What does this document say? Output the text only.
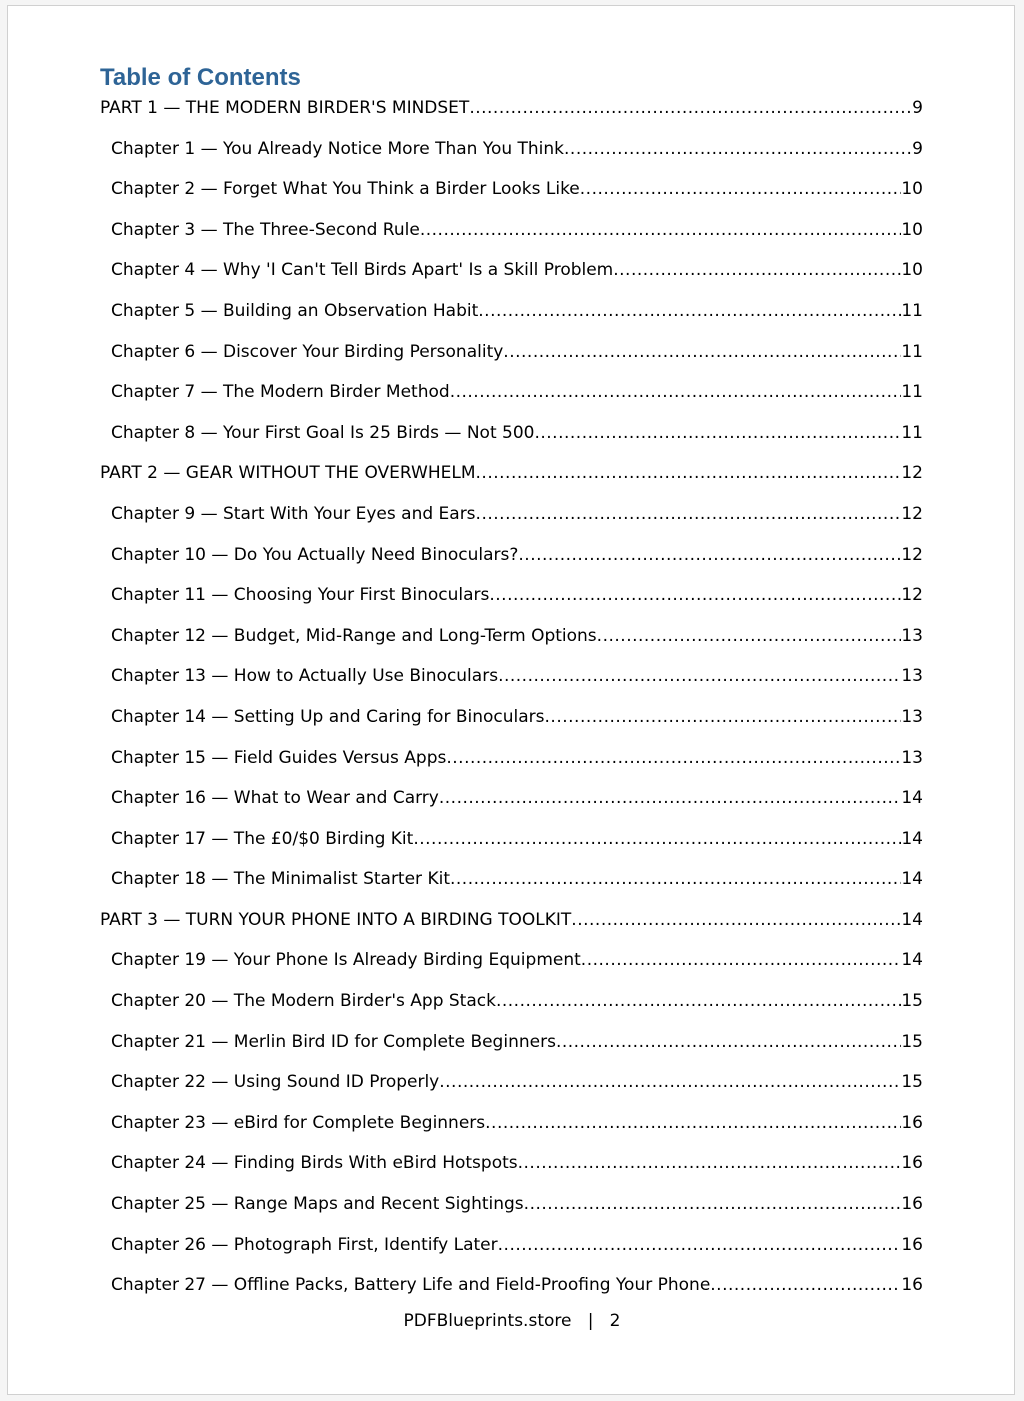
Table of Contents
PART 1 — THE MODERN BIRDER'S MINDSET .....	9
Chapter 1 — You Already Notice More Than You Think .....	9
Chapter 2 — Forget What You Think a Birder Looks Like .....	10
Chapter 3 — The Three-Second Rule .....	10
Chapter 4 — Why 'I Can't Tell Birds Apart' Is a Skill Problem .....	10
Chapter 5 — Building an Observation Habit .....	11
Chapter 6 — Discover Your Birding Personality .....	11
Chapter 7 — The Modern Birder Method .....	11
Chapter 8 — Your First Goal Is 25 Birds — Not 500 .....	11
PART 2 — GEAR WITHOUT THE OVERWHELM .....	12
Chapter 9 — Start With Your Eyes and Ears .....	12
Chapter 10 — Do You Actually Need Binoculars? .....	12
Chapter 11 — Choosing Your First Binoculars .....	12
Chapter 12 — Budget, Mid-Range and Long-Term Options .....	13
Chapter 13 — How to Actually Use Binoculars .....	13
Chapter 14 — Setting Up and Caring for Binoculars .....	13
Chapter 15 — Field Guides Versus Apps .....	13
Chapter 16 — What to Wear and Carry .....	14
Chapter 17 — The £0/$0 Birding Kit .....	14
Chapter 18 — The Minimalist Starter Kit .....	14
PART 3 — TURN YOUR PHONE INTO A BIRDING TOOLKIT .....	14
Chapter 19 — Your Phone Is Already Birding Equipment .....	14
Chapter 20 — The Modern Birder's App Stack .....	15
Chapter 21 — Merlin Bird ID for Complete Beginners .....	15
Chapter 22 — Using Sound ID Properly .....	15
Chapter 23 — eBird for Complete Beginners .....	16
Chapter 24 — Finding Birds With eBird Hotspots .....	16
Chapter 25 — Range Maps and Recent Sightings .....	16
Chapter 26 — Photograph First, Identify Later .....	16
Chapter 27 — Offline Packs, Battery Life and Field-Proofing Your Phone .....	16
PDFBlueprints.store | 2
